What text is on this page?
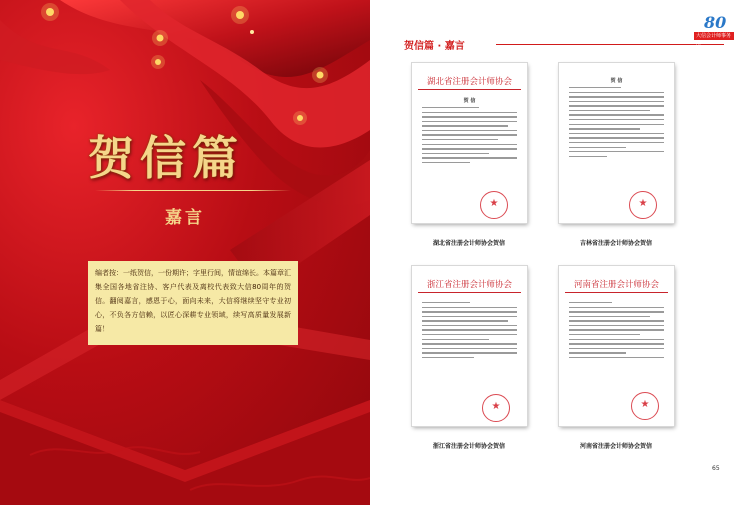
贺信篇
嘉言
编者按：一纸贺信，一份期许；字里行间，情谊绵长。本篇章汇集全国各地省注协、客户代表及离校代表致大信80周年的贺信。翻阅嘉言，感恩于心，面向未来，大信将继续坚守专业初心，不负各方信赖，以匠心深耕专业领域，续写高质量发展新篇！
贺信篇 · 嘉言
80
大信会计师事务所
湖北省注册会计师协会
贺 信
★
湖北省注册会计师协会贺信
贺 信
★
吉林省注册会计师协会贺信
浙江省注册会计师协会
★
浙江省注册会计师协会贺信
河南省注册会计师协会
★
河南省注册会计师协会贺信
65
